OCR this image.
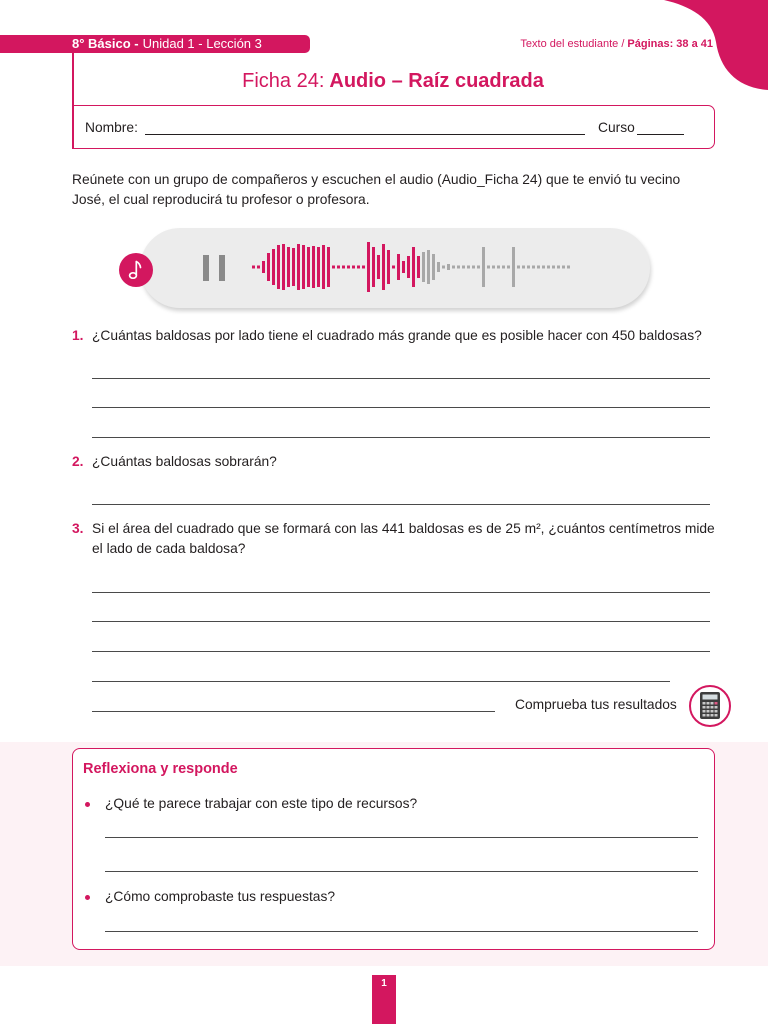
8° Básico - Unidad 1 - Lección 3	Texto del estudiante / Páginas: 38 a 41
Ficha 24: Audio – Raíz cuadrada
Nombre:	Curso
Reúnete con un grupo de compañeros y escuchen el audio (Audio_Ficha 24) que te envió tu vecino
José, el cual reproducirá tu profesor o profesora.
1. ¿Cuántas baldosas por lado tiene el cuadrado más grande que es posible hacer con 450 baldosas?
2. ¿Cuántas baldosas sobrarán?
3. Si el área del cuadrado que se formará con las 441 baldosas es de 25 m², ¿cuántos centímetros mide
el lado de cada baldosa?
Comprueba tus resultados
Reflexiona y responde
¿Qué te parece trabajar con este tipo de recursos?
¿Cómo comprobaste tus respuestas?
1
